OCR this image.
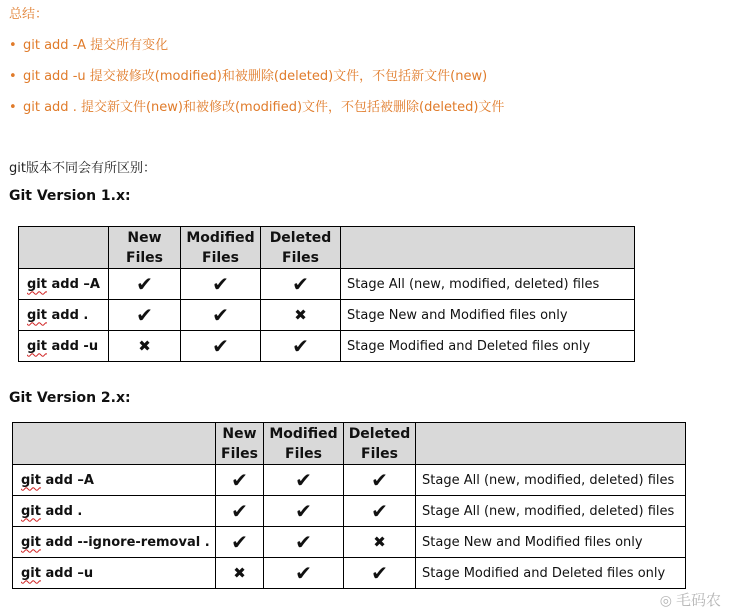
总结：
• git add -A 提交所有变化
• git add -u 提交被修改(modified)和被删除(deleted)文件，不包括新文件(new)
• git add . 提交新文件(new)和被修改(modified)文件，不包括被删除(deleted)文件
git版本不同会有所区别：
Git Version 1.x:
	New Files	Modified Files	Deleted Files	
git add –A	✔	✔	✔	Stage All (new, modified, deleted) files
git add .	✔	✔	✖	Stage New and Modified files only
git add -u	✖	✔	✔	Stage Modified and Deleted files only
Git Version 2.x:
	New Files	Modified Files	Deleted Files	
git add –A	✔	✔	✔	Stage All (new, modified, deleted) files
git add .	✔	✔	✔	Stage All (new, modified, deleted) files
git add --ignore-removal .	✔	✔	✖	Stage New and Modified files only
git add –u	✖	✔	✔	Stage Modified and Deleted files only
◎ 毛码农
